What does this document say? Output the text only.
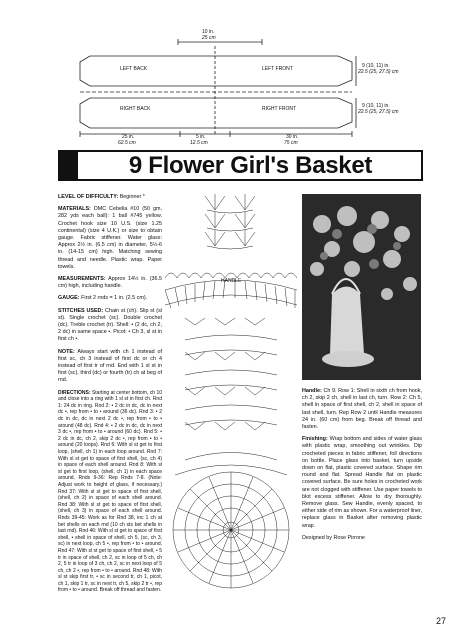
10 in.
25 cm
LEFT BACK	LEFT FRONT
RIGHT BACK	RIGHT FRONT
9 (10, 11) in.
22.5 (25, 27.5) cm
9 (10, 11) in.
22.5 (25, 27.5) cm
25 in.
62.5 cm
5 in.
12.5 cm
30 in.
75 cm
9 Flower Girl's Basket

LEVEL OF DIFFICULTY: Beginner *

MATERIALS: DMC Cebelia #10 (50 gm, 282 yds each ball): 1 ball #745 yellow. Crochet hook size 10 U.S. (size 1.25 continental) (size 4 U.K.) or size to obtain gauge. Fabric stiffener. Water glass: Approx 2½ in. (6.5 cm) in diameter, 5½-6 in. (14-15 cm) high. Matching sewing thread and needle. Plastic wrap. Paper towels.

MEASUREMENTS: Approx 14½ in. (36.5 cm) high, including handle.

GAUGE: First 2 rnds = 1 in. (2.5 cm).

STITCHES USED: Chain st (ch). Slip st (sl st). Single crochet (sc). Double crochet (dc). Treble crochet (tr). Shell: • (2 dc, ch 2, 2 dc) in same space •. Picot: • Ch 3, sl st in first ch •.

NOTE: Always start with ch 1 instead of first sc, ch 3 instead of first dc or ch 4 instead of first tr of rnd. End with 1 sl st in first (sc), third (dc) or fourth (tr) ch at beg of rnd.

DIRECTIONS: Starting at center bottom, ch 10 and close into a ring with 1 sl st in first ch. Rnd 1: 24 dc in ring. Rnd 2: • 2 dc in dc, dc in next dc •, rep from • to • around (36 dc). Rnd 3: • 2 dc in dc, dc in next 2 dc •, rep from • to • around (48 dc). Rnd 4: • 2 dc in dc, dc in next 3 dc •, rep from • to • around (60 dc). Rnd 5: • 2 dc in dc, ch 2, skip 2 dc •, rep from • to • around (20 loops). Rnd 6: With sl st get to first loop, (shell, ch 1) in each loop around. Rnd 7: With sl st get to space of first shell, (sc, ch 4) in space of each shell around. Rnd 8: With sl st get to first loop, (shell, ch 1) in each space around. Rnds 9-36: Rep Rnds 7-8. (Note: Adjust work to height of glass, if necessary.) Rnd 37: With sl st get to space of first shell, (shell, ch 2) in space of each shell around. Rnd 38: With sl st get to space of first shell, (shell, ch 3) in space of each shell around. Rnds 39-45: Work as for Rnd 38, inc 1 ch at bet shells on each rnd (10 ch sts bet shells in last rnd). Rnd 46: With sl st get to space of first shell, • shell in space of shell, ch 5, (sc, ch 3, sc) in next loop, ch 5 •, rep from • to • around. Rnd 47: With sl st get to space of first shell, • 5 tr in space of shell, ch 2, sc in loop of 5 ch, ch 2, 5 tr in loop of 3 ch, ch 2, sc in next loop of 5 ch, ch 2 •, rep from • to • around. Rnd 48: With sl st skip first tr, • sc in second tr, ch 1, picot, ch 1, skip 1 tr, sc in next tr, ch 5, skip 2 tr •, rep from • to • around. Break off thread and fasten.

HANDLE

Handle: Ch 9. Row 1: Shell in sixth ch from hook, ch 2, skip 2 ch, shell in last ch, turn. Row 2: Ch 5, shell in space of first shell, ch 2, shell in space of last shell, turn. Rep Row 2 until Handle measures 24 in. (60 cm) from beg. Break off thread and fasten.

Finishing: Wrap bottom and sides of water glass with plastic wrap, smoothing out wrinkles. Dip crocheted pieces in fabric stiffener, foll directions on bottle. Place glass into basket, turn upside down on flat, plastic covered surface. Shape rim round and flat. Spread Handle flat on plastic covered surface. Be sure holes in crocheted work are not clogged with stiffener. Use paper towels to blot excess stiffener. Allow to dry thoroughly. Remove glass. Sew Handle, evenly spaced, to either side of rim as shown. For a waterproof liner, replace glass in Basket after removing plastic wrap.

Designed by Rose Pirrone

27
